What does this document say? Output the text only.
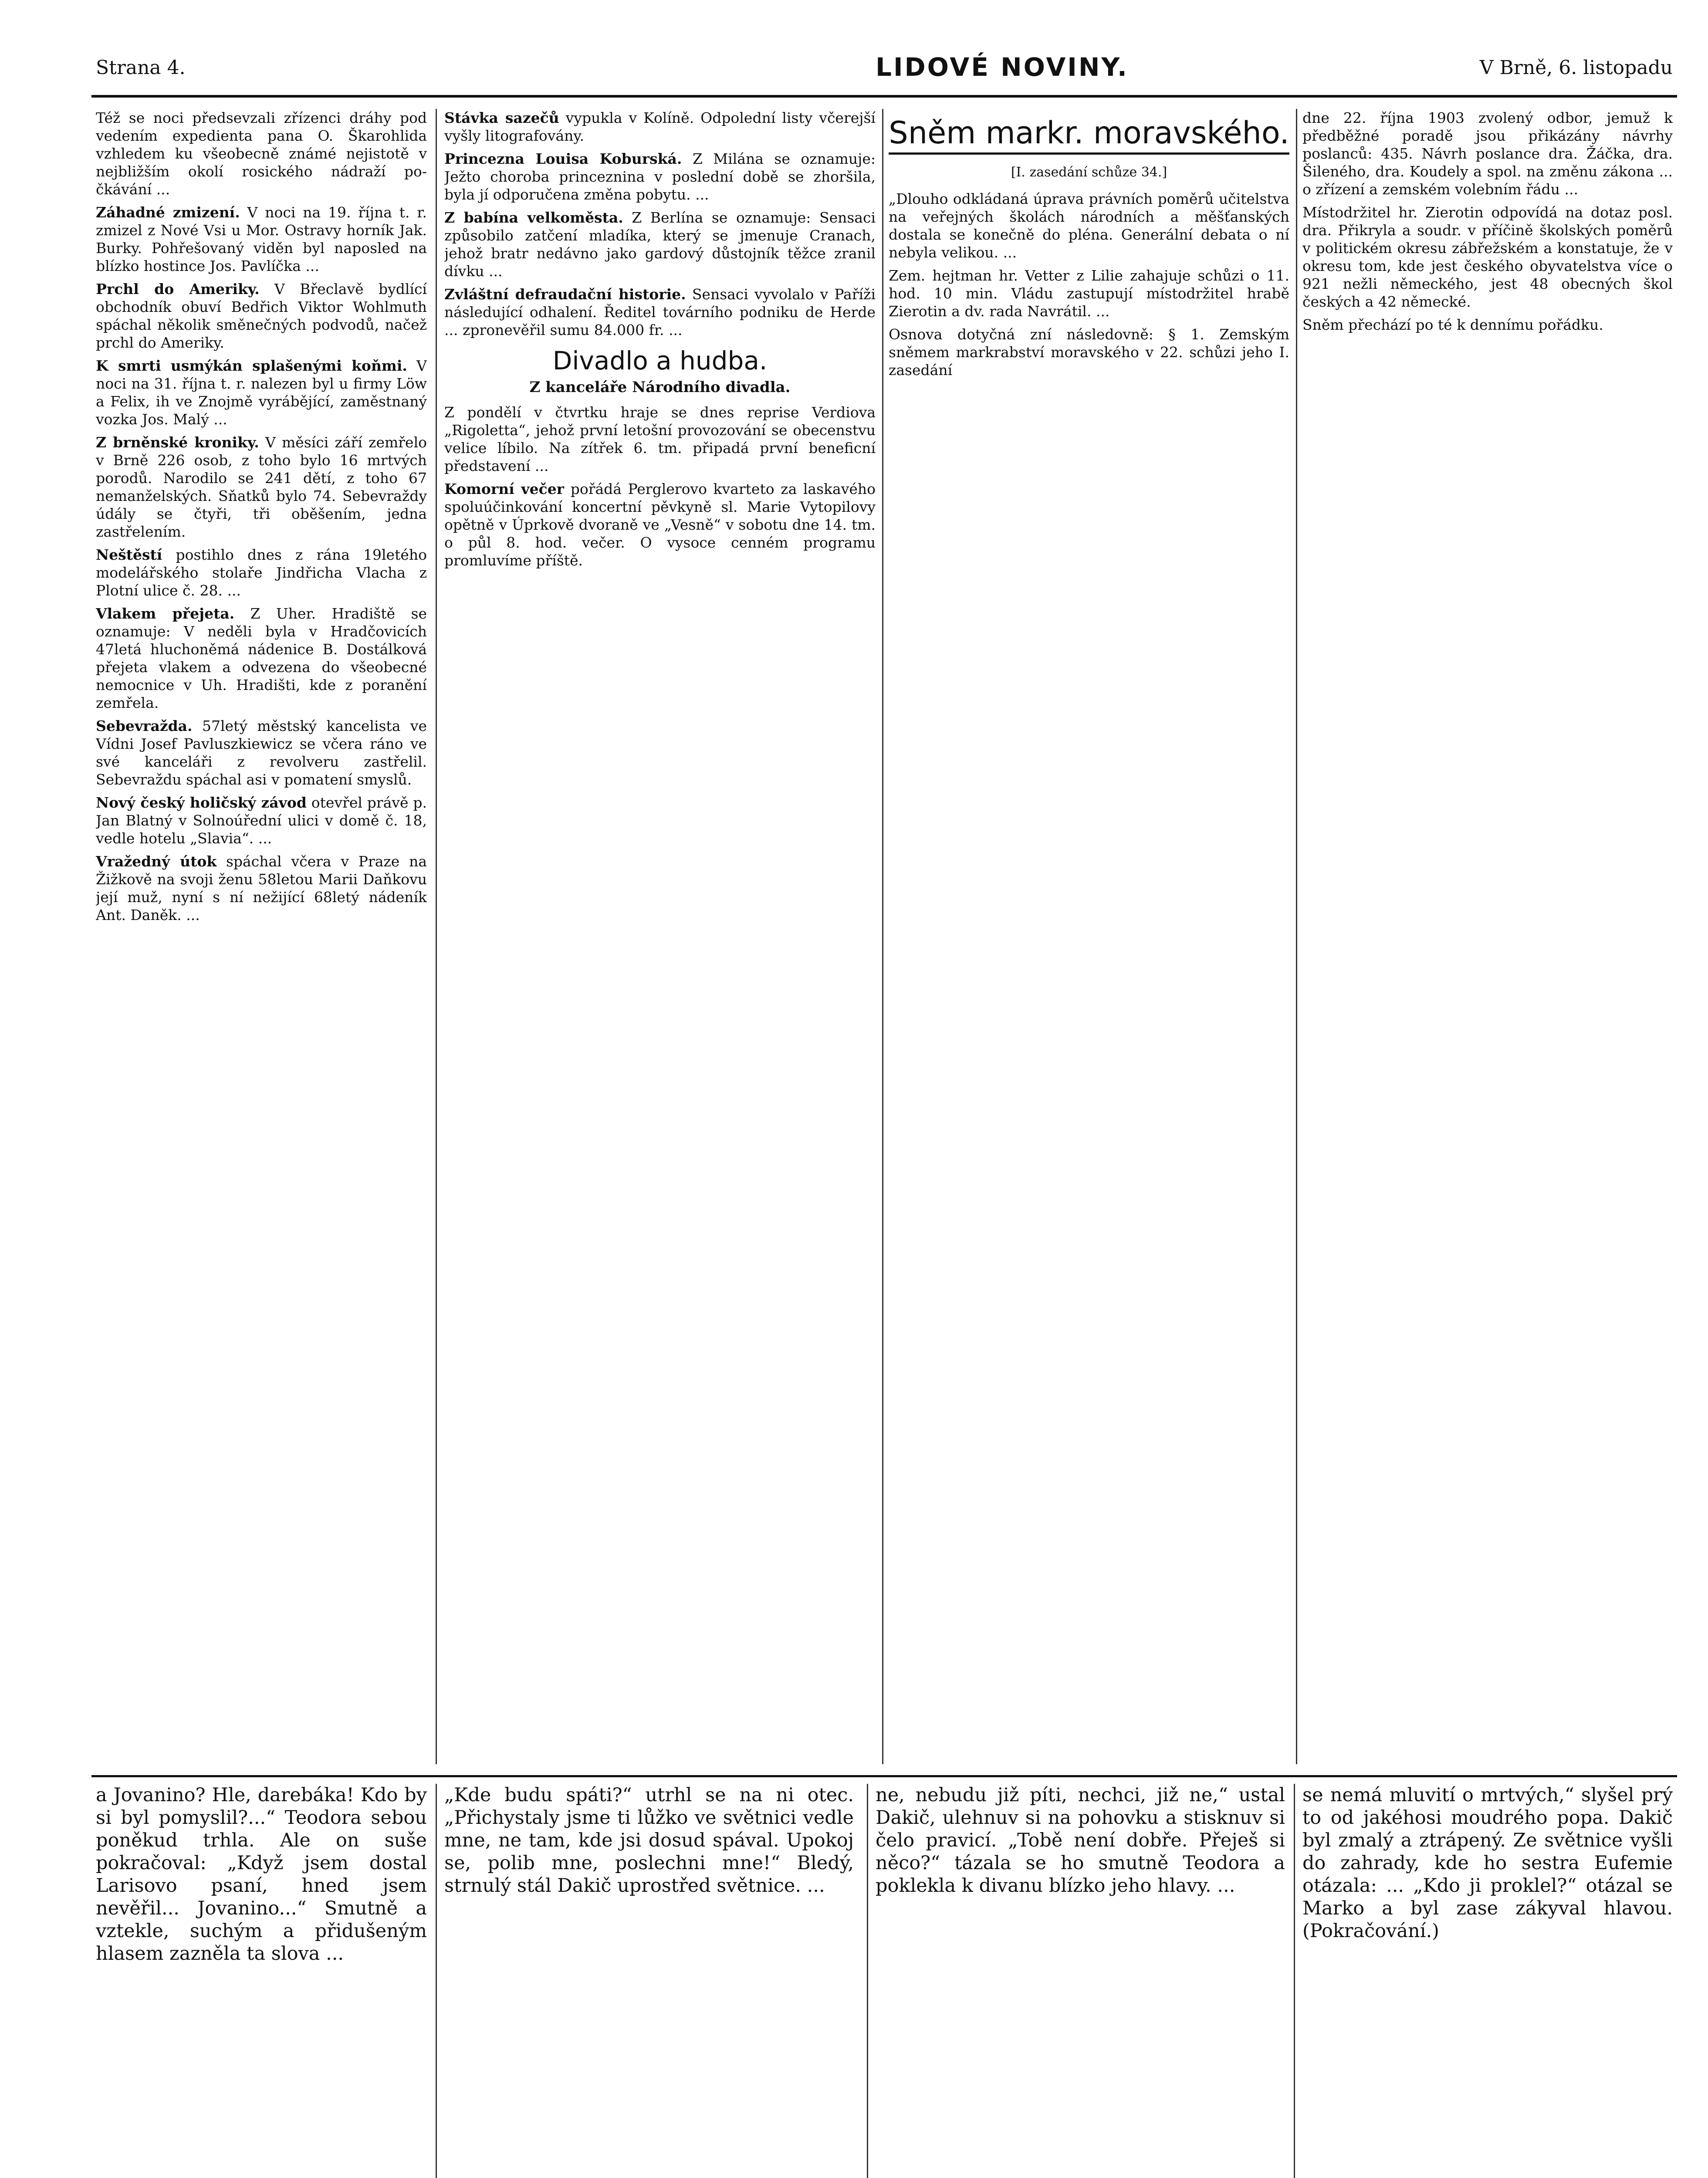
Strana 4.	LIDOVÉ NOVINY.	V Brně, 6. listopadu

Též se noci předsevzali zřízenci dráhy pod vedením expedienta pana O. Škarohlida vzhledem ku všeobecně známé nejistotě v nejbližším okolí rosického nádraží po-čkávání ...

Záhadné zmizení. V noci na 19. října t. r. zmizel z Nové Vsi u Mor. Ostravy horník Jak. Burky. Pohřešovaný viděn byl naposled na blízko hostince Jos. Pavlíčka ...

Prchl do Ameriky. V Břeclavě bydlící obchodník obuví Bedřich Viktor Wohlmuth spáchal několik směnečných podvodů, načež prchl do Ameriky.

K smrti usmýkán splašenými koňmi. V noci na 31. října t. r. nalezen byl u firmy Löw a Felix, ih ve Znojmě vyrábějící, zaměstnaný vozka Jos. Malý ...

Z brněnské kroniky. V měsíci září zemřelo v Brně 226 osob, z toho bylo 16 mrtvých porodů. Narodilo se 241 dětí, z toho 67 nemanželských. Sňatků bylo 74. Sebevraždy údály se čtyři, tři oběšením, jedna zastřelením.

Neštěstí postihlo dnes z rána 19letého modelářského stolaře Jindřicha Vlacha z Plotní ulice č. 28. ...

Vlakem přejeta. Z Uher. Hradiště se oznamuje: V neděli byla v Hradčovicích 47letá hluchoněmá nádenice B. Dostálková přejeta vlakem a odvezena do všeobecné nemocnice v Uh. Hradišti, kde z poranění zemřela.

Sebevražda. 57letý městský kancelista ve Vídni Josef Pavluszkiewicz se včera ráno ve své kanceláři z revolveru zastřelil. Sebevraždu spáchal asi v pomatení smyslů.

Nový český holičský závod otevřel právě p. Jan Blatný v Solnoúřední ulici v domě č. 18, vedle hotelu „Slavia“. ...

Vražedný útok spáchal včera v Praze na Žižkově na svoji ženu 58letou Marii Daňkovu její muž, nyní s ní nežijící 68letý nádeník Ant. Daněk. ...

Stávka sazečů vypukla v Kolíně. Odpolední listy včerejší vyšly litografovány.

Princezna Louisa Koburská. Z Milána se oznamuje: Ježto choroba princeznina v poslední době se zhoršila, byla jí odporučena změna pobytu. ...

Z babína velkoměsta. Z Berlína se oznamuje: Sensaci způsobilo zatčení mladíka, který se jmenuje Cranach, jehož bratr nedávno jako gardový důstojník těžce zranil dívku ...

Zvláštní defraudační historie. Sensaci vyvolalo v Paříži následující odhalení. Ředitel továrního podniku de Herde ... zpronevěřil sumu 84.000 fr. ...

Divadlo a hudba.
Z kanceláře Národního divadla.

Z pondělí v čtvrtku hraje se dnes reprise Verdiova „Rigoletta“, jehož první letošní provozování se obecenstvu velice líbilo. Na zítřek 6. tm. připadá první beneficní představení ...

Komorní večer pořádá Perglerovo kvarteto za laskavého spoluúčinkování koncertní pěvkyně sl. Marie Vytopilovy opětně v Úprkově dvoraně ve „Vesně“ v sobotu dne 14. tm. o půl 8. hod. večer. O vysoce cenném programu promluvíme příště.

Sněm markr. moravského.
[I. zasedání schůze 34.]

„Dlouho odkládaná úprava právních poměrů učitelstva na veřejných školách národních a měšťanských dostala se konečně do pléna. Generální debata o ní nebyla velikou. ...

Zem. hejtman hr. Vetter z Lilie zahajuje schůzi o 11. hod. 10 min. Vládu zastupují místodržitel hrabě Zierotin a dv. rada Navrátil. ...

Osnova dotyčná zní následovně: § 1. Zemským sněmem markrabství moravského v 22. schůzi jeho I. zasedání

dne 22. října 1903 zvolený odbor, jemuž k předběžné poradě jsou přikázány návrhy poslanců: 435. Návrh poslance dra. Žáčka, dra. Šileného, dra. Koudely a spol. na změnu zákona ... o zřízení a zemském volebním řádu ...

Místodržitel hr. Zierotin odpovídá na dotaz posl. dra. Přikryla a soudr. v příčině školských poměrů v politickém okresu zábřežském a konstatuje, že v okresu tom, kde jest českého obyvatelstva více o 921 nežli německého, jest 48 obecných škol českých a 42 německé.

Sněm přechází po té k dennímu pořádku.

a Jovanino? Hle, darebáka! Kdo by si byl pomyslil?...“ Teodora sebou poněkud trhla. Ale on suše pokračoval: „Když jsem dostal Larisovo psaní, hned jsem nevěřil... Jovanino...“ Smutně a vztekle, suchým a přidušeným hlasem zazněla ta slova ...

„Kde budu spáti?“ utrhl se na ni otec. „Přichystaly jsme ti lůžko ve světnici vedle mne, ne tam, kde jsi dosud spával. Upokoj se, polib mne, poslechni mne!“ Bledý, strnulý stál Dakič uprostřed světnice. ...

ne, nebudu již píti, nechci, již ne,“ ustal Dakič, ulehnuv si na pohovku a stisknuv si čelo pravicí. „Tobě není dobře. Přeješ si něco?“ tázala se ho smutně Teodora a poklekla k divanu blízko jeho hlavy. ...

se nemá mluvití o mrtvých,“ slyšel prý to od jakéhosi moudrého popa. Dakič byl zmalý a ztrápený. Ze světnice vyšli do zahrady, kde ho sestra Eufemie otázala: ... „Kdo ji proklel?“ otázal se Marko a byl zase zákyval hlavou. (Pokračování.)
